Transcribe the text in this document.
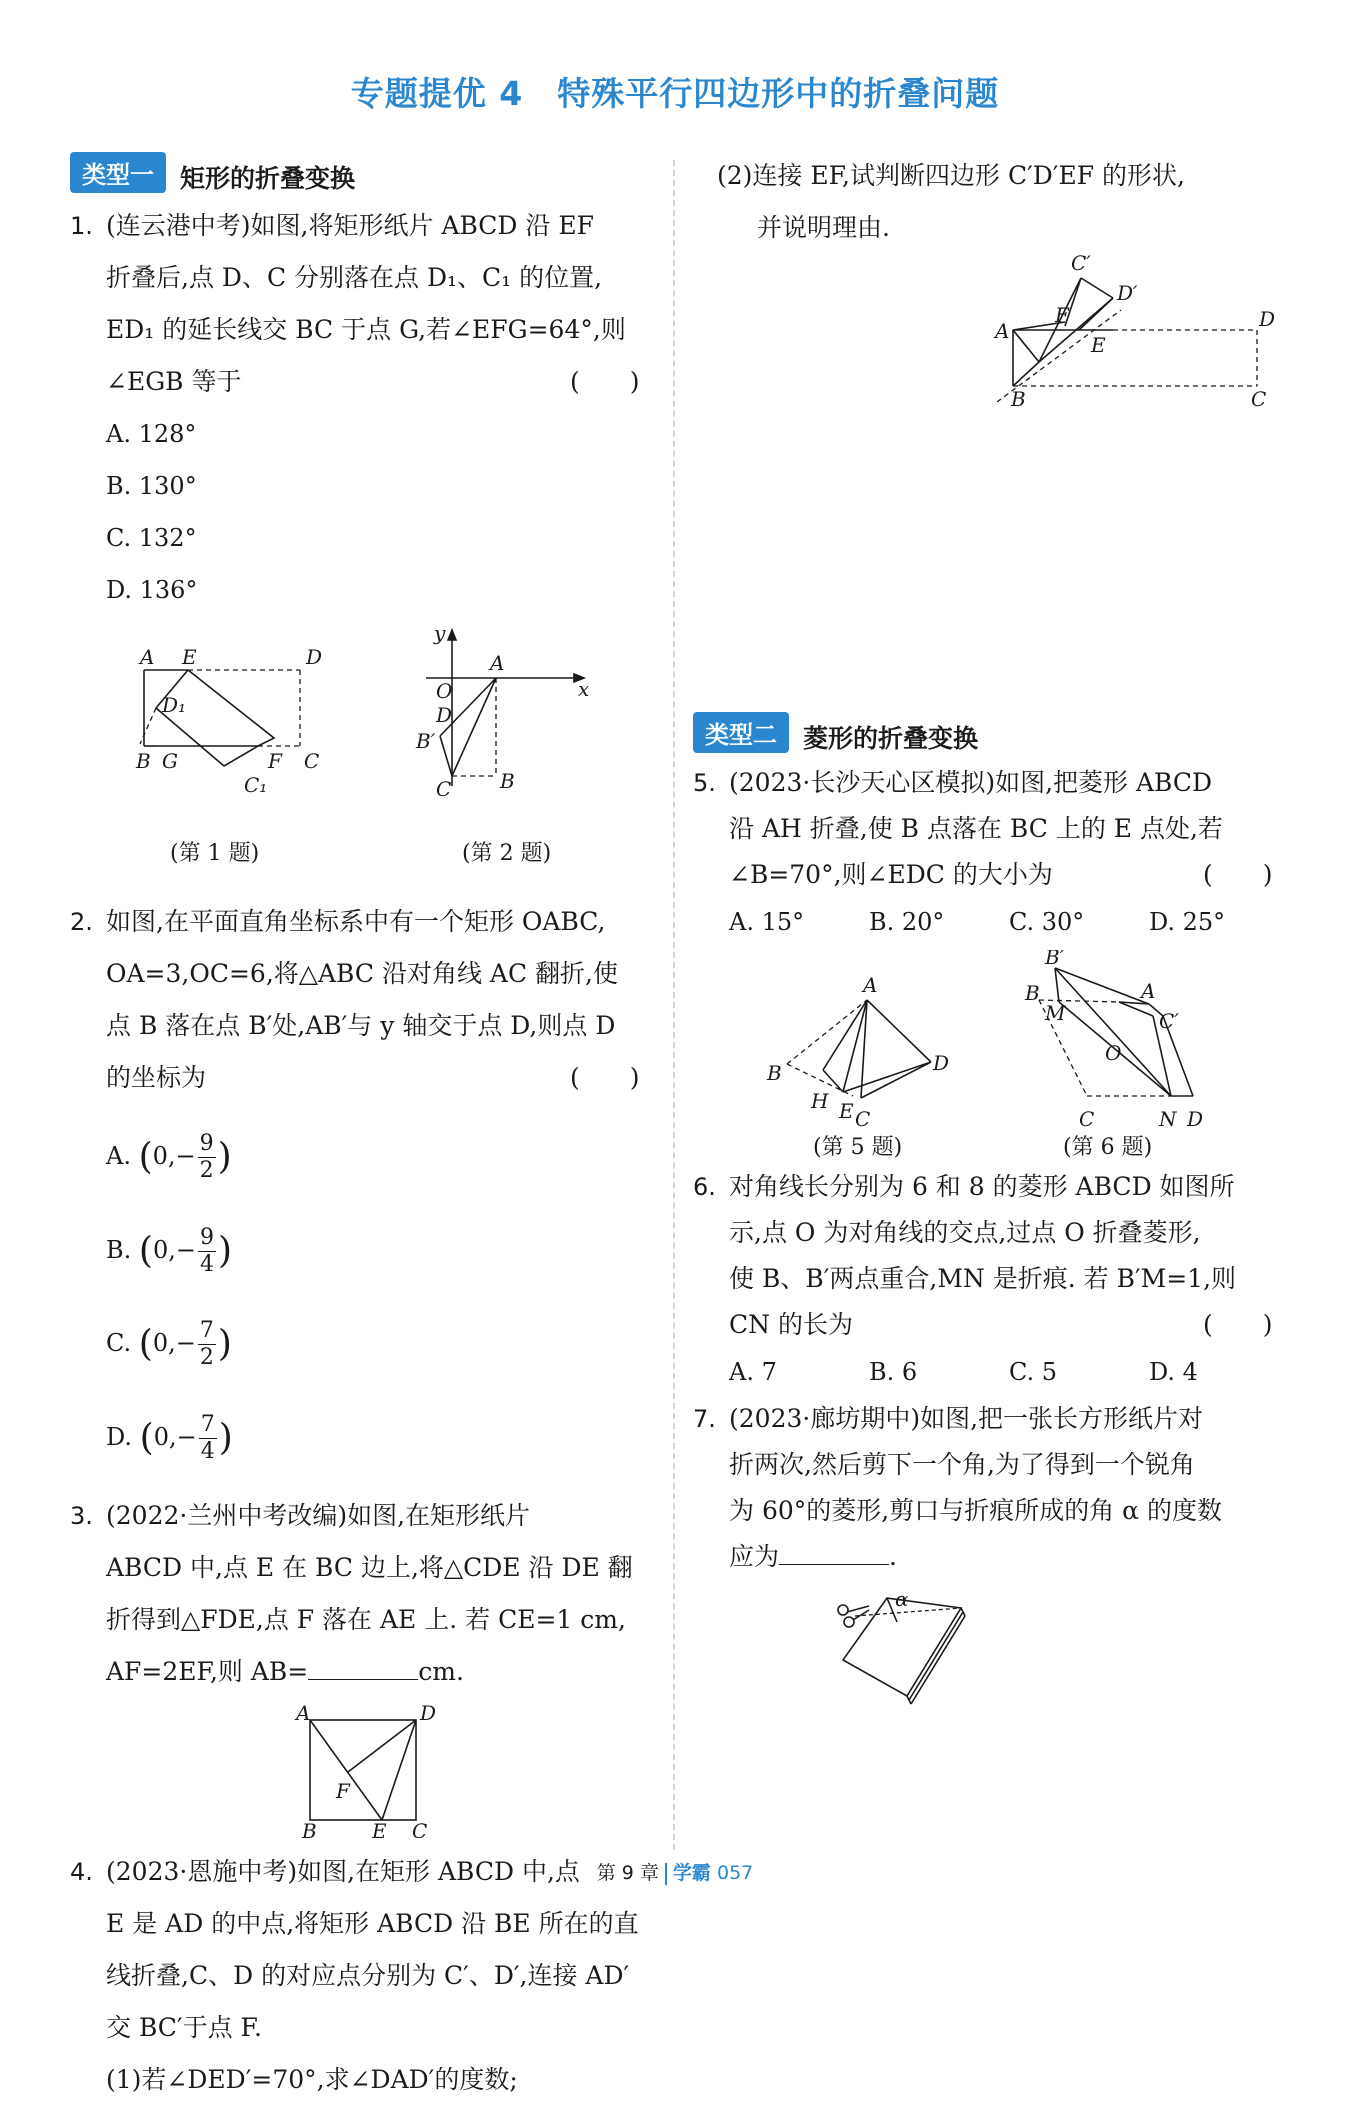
专题提优 4　特殊平行四边形中的折叠问题
类型一	矩形的折叠变换

1. (连云港中考)如图,将矩形纸片 ABCD 沿 EF

折叠后,点 D、C 分别落在点 D₁、C₁ 的位置,

ED₁ 的延长线交 BC 于点 G,若∠EFG=64°,则

∠EGB 等于	(　　)

A. 128°
B. 130°
C. 132°
D. 136°
A E	D
D₁
B G	F C
C₁
y
O
A
x
D
B′
C B
(第 1 题)	(第 2 题)

2. 如图,在平面直角坐标系中有一个矩形 OABC,

OA=3,OC=6,将△ABC 沿对角线 AC 翻折,使

点 B 落在点 B′处,AB′与 y 轴交于点 D,则点 D

的坐标为	(　　)

A. ($0,- \frac{9}{2}$ )
B. ($0,- \frac{9}{4}$ )
C. ($0,- \frac{7}{2}$ )
D. ($0,- \frac{7}{4}$ )

3. (2022·兰州中考改编)如图,在矩形纸片

ABCD 中,点 E 在 BC 边上,将△CDE 沿 DE 翻

折得到△FDE,点 F 落在 AE 上. 若 CE=1 cm,

AF=2EF,则 AB=	cm.

A	D
F
B	E C

4. (2023·恩施中考)如图,在矩形 ABCD 中,点

E 是 AD 的中点,将矩形 ABCD 沿 BE 所在的直

线折叠,C、D 的对应点分别为 C′、D′,连接 AD′

交 BC′于点 F.

(1)若∠DED′=70°,求∠DAD′的度数;

(2)连接 EF,试判断四边形 C′D′EF 的形状,

并说明理由.

C′
D′
F
A
E
D
B	C
类型二	菱形的折叠变换

5. (2023·长沙天心区模拟)如图,把菱形 ABCD

沿 AH 折叠,使 B 点落在 BC 上的 E 点处,若

∠B=70°,则∠EDC 的大小为	(　　)

A. 15°	B. 20°	C. 30°	D. 25°
A
B	D
H E C
B′
B
M
A
C′
O
C	N D
(第 5 题)	(第 6 题)

6. 对角线长分别为 6 和 8 的菱形 ABCD 如图所

示,点 O 为对角线的交点,过点 O 折叠菱形,

使 B、B′两点重合,MN 是折痕. 若 B′M=1,则

CN 的长为	(　　)

A. 7	B. 6	C. 5	D. 4

7. (2023·廊坊期中)如图,把一张长方形纸片对

折两次,然后剪下一个角,为了得到一个锐角

为 60°的菱形,剪口与折痕所成的角 α 的度数

应为	.

α
第 9 章 学霸 057
